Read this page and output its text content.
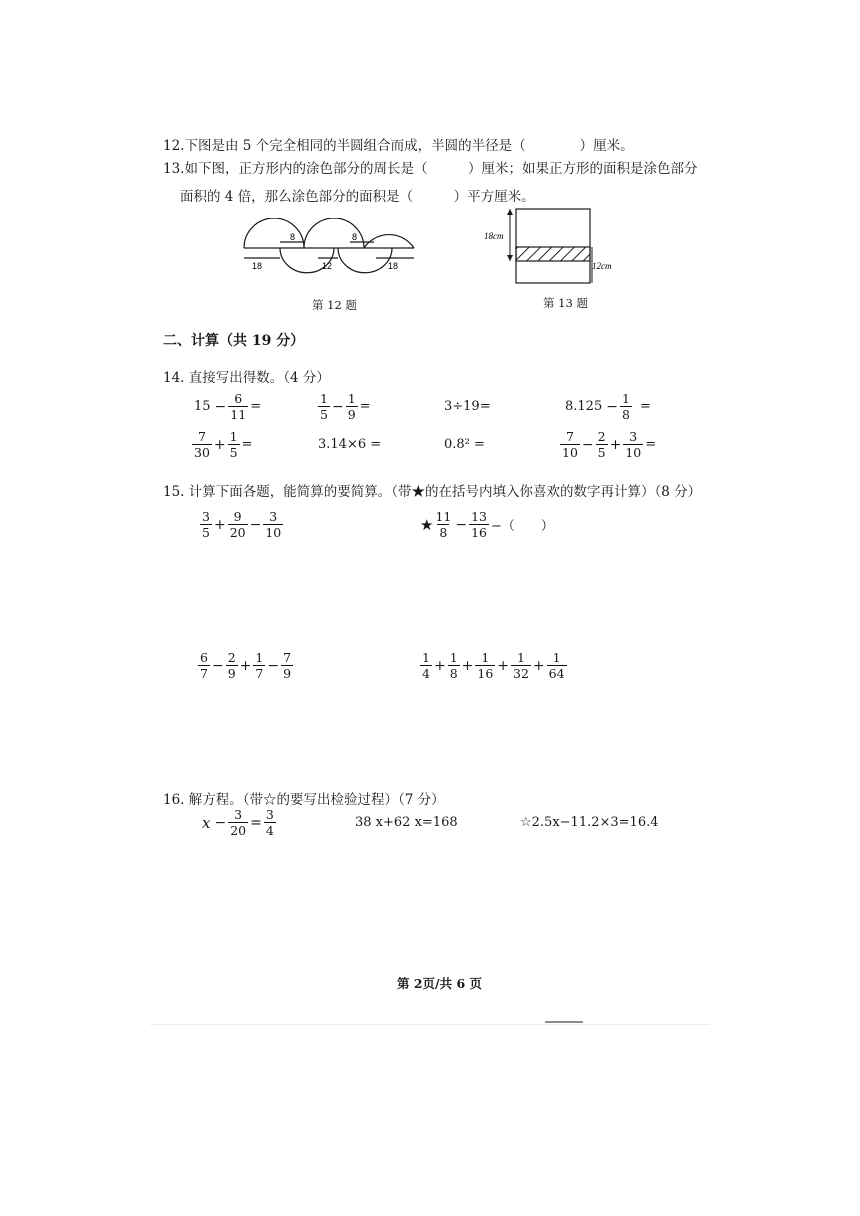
12.下图是由 5 个完全相同的半圆组合而成，半圆的半径是（　　　　）厘米。
13.如下图，正方形内的涂色部分的周长是（　　　）厘米；如果正方形的面积是涂色部分
面积的 4 倍，那么涂色部分的面积是（　　　）平方厘米。
18
8
12
8
18
第 12 题
18cm
12cm
第 13 题
二、计算（共 19 分）
14. 直接写出得数。（4 分）
$15 - \frac{6}{11}$ =	$\frac{1}{5} - \frac{1}{9}$ =	3÷19=	$8.125 - \frac{1}{8}$ =
$\frac{7}{30} + \frac{1}{5}$ =	3.14×6 =	0.8² =	$\frac{7}{10} - \frac{2}{5} + \frac{3}{10}$ =
15. 计算下面各题，能简算的要简算。（带★的在括号内填入你喜欢的数字再计算）（8 分）
$\frac{3}{5} + \frac{9}{20} - \frac{3}{10}$	★ $\frac{11}{8} - \frac{13}{16}$ −（　　）
$\frac{6}{7} - \frac{2}{9} + \frac{1}{7} - \frac{7}{9}$	$\frac{1}{4} + \frac{1}{8} + \frac{1}{16} + \frac{1}{32} + \frac{1}{64}$
16. 解方程。（带☆的要写出检验过程）（7 分）
$x - \frac{3}{20} = \frac{3}{4}$	38 x+62 x=168	☆2.5x−11.2×3=16.4
第 2页/共 6 页
